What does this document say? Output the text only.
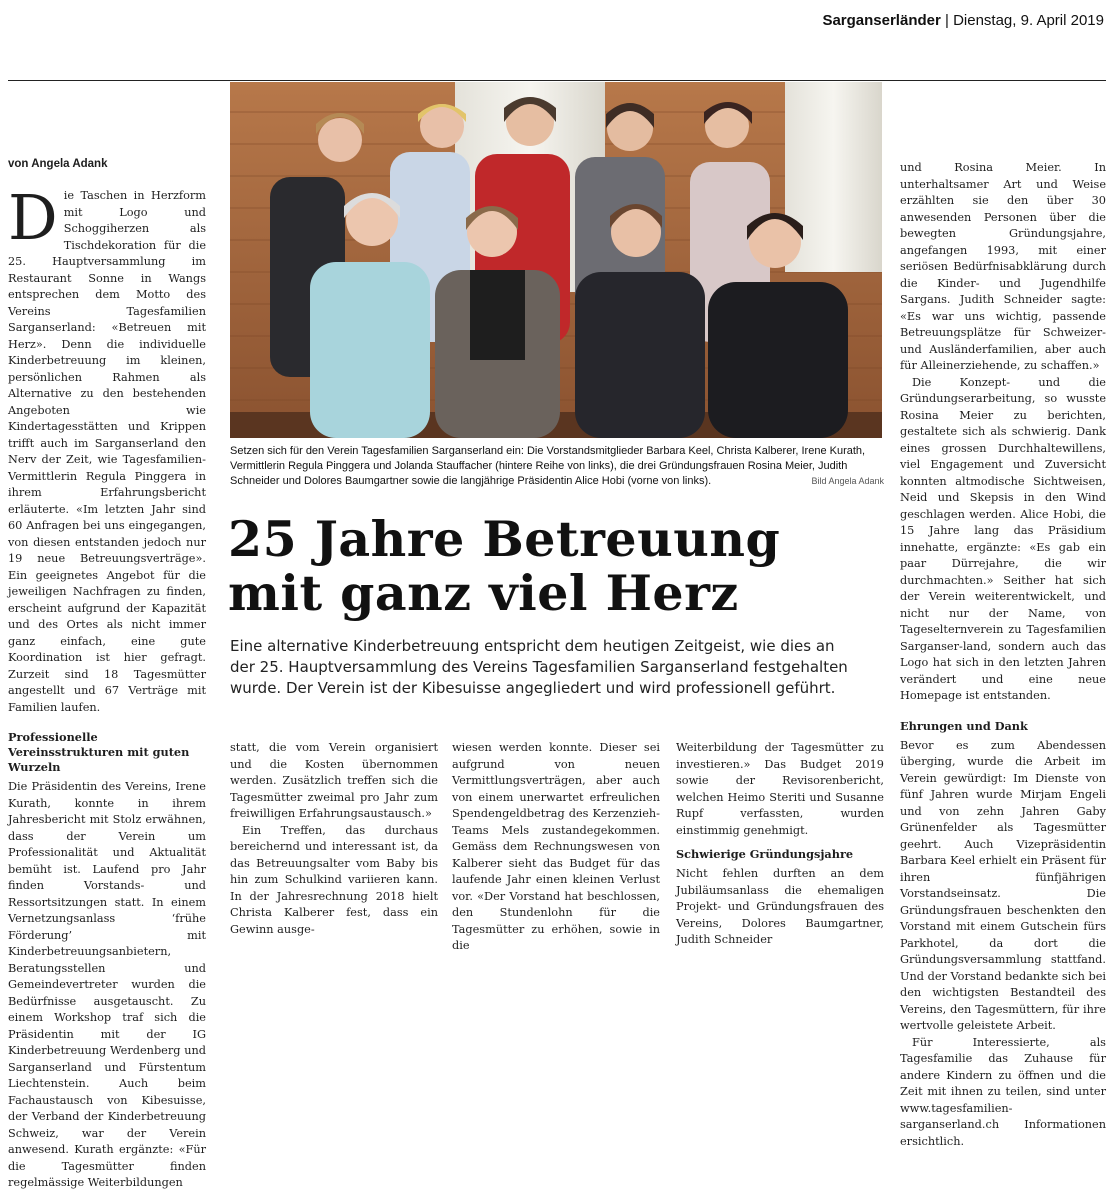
Sarganserländer | Dienstag, 9. April 2019
von Angela Adank

Die Taschen in Herzform mit Logo und Schoggiherzen als Tischdekoration für die 25. Hauptversammlung im Restaurant Sonne in Wangs entsprechen dem Motto des Vereins Tagesfamilien Sarganserland: «Betreuen mit Herz». Denn die individuelle Kinderbetreuung im kleinen, persönlichen Rahmen als Alternative zu den bestehenden Angeboten wie Kindertagesstätten und Krippen trifft auch im Sarganserland den Nerv der Zeit, wie Tagesfamilien-Vermittlerin Regula Pinggera in ihrem Erfahrungsbericht erläuterte. «Im letzten Jahr sind 60 Anfragen bei uns eingegangen, von diesen entstanden jedoch nur 19 neue Betreuungsverträge». Ein geeignetes Angebot für die jeweiligen Nachfragen zu finden, erscheint aufgrund der Kapazität und des Ortes als nicht immer ganz einfach, eine gute Koordination ist hier gefragt. Zurzeit sind 18 Tagesmütter angestellt und 67 Verträge mit Familien laufen.

Professionelle Vereinsstrukturen mit guten Wurzeln

Die Präsidentin des Vereins, Irene Kurath, konnte in ihrem Jahresbericht mit Stolz erwähnen, dass der Verein um Professionalität und Aktualität bemüht ist. Laufend pro Jahr finden Vorstands- und Ressortsitzungen statt. In einem Vernetzungsanlass ‘frühe Förderung’ mit Kinderbetreuungsanbietern, Beratungsstellen und Gemeindevertreter wurden die Bedürfnisse ausgetauscht. Zu einem Workshop traf sich die Präsidentin mit der IG Kinderbetreuung Werdenberg und Sarganserland und Fürstentum Liechtenstein. Auch beim Fachaustausch von Kibesuisse, der Verband der Kinderbetreuung Schweiz, war der Verein anwesend. Kurath ergänzte: «Für die Tagesmütter finden regelmässige Weiterbildungen

Setzen sich für den Verein Tagesfamilien Sarganserland ein: Die Vorstandsmitglieder Barbara Keel, Christa Kalberer, Irene Kurath, Vermittlerin Regula Pinggera und Jolanda Stauffacher (hintere Reihe von links), die drei Gründungsfrauen Rosina Meier, Judith Schneider und Dolores Baumgartner sowie die langjährige Präsidentin Alice Hobi (vorne von links).	Bild Angela Adank
25 Jahre Betreuung mit ganz viel Herz
Eine alternative Kinderbetreuung entspricht dem heutigen Zeitgeist, wie dies an der 25. Hauptversammlung des Vereins Tagesfamilien Sarganserland festgehalten wurde. Der Verein ist der Kibesuisse angegliedert und wird professionell geführt.

statt, die vom Verein organisiert und die Kosten übernommen werden. Zusätzlich treffen sich die Tagesmütter zweimal pro Jahr zum freiwilligen Erfahrungsaustausch.»

Ein Treffen, das durchaus bereichernd und interessant ist, da das Betreuungsalter vom Baby bis hin zum Schulkind variieren kann. In der Jahresrechnung 2018 hielt Christa Kalberer fest, dass ein Gewinn ausge-

wiesen werden konnte. Dieser sei aufgrund von neuen Vermittlungsverträgen, aber auch von einem unerwartet erfreulichen Spendengeldbetrag des Kerzenzieh-Teams Mels zustandegekommen. Gemäss dem Rechnungswesen von Kalberer sieht das Budget für das laufende Jahr einen kleinen Verlust vor. «Der Vorstand hat beschlossen, den Stundenlohn für die Tagesmütter zu erhöhen, sowie in die

Weiterbildung der Tagesmütter zu investieren.» Das Budget 2019 sowie der Revisorenbericht, welchen Heimo Steriti und Susanne Rupf verfassten, wurden einstimmig genehmigt.

Schwierige Gründungsjahre

Nicht fehlen durften an dem Jubiläumsanlass die ehemaligen Projekt- und Gründungsfrauen des Vereins, Dolores Baumgartner, Judith Schneider

und Rosina Meier. In unterhaltsamer Art und Weise erzählten sie den über 30 anwesenden Personen über die bewegten Gründungsjahre, angefangen 1993, mit einer seriösen Bedürfnisabklärung durch die Kinder- und Jugendhilfe Sargans. Judith Schneider sagte: «Es war uns wichtig, passende Betreuungsplätze für Schweizer- und Ausländerfamilien, aber auch für Alleinerziehende, zu schaffen.»

Die Konzept- und die Gründungserarbeitung, so wusste Rosina Meier zu berichten, gestaltete sich als schwierig. Dank eines grossen Durchhaltewillens, viel Engagement und Zuversicht konnten altmodische Sichtweisen, Neid und Skepsis in den Wind geschlagen werden. Alice Hobi, die 15 Jahre lang das Präsidium innehatte, ergänzte: «Es gab ein paar Dürrejahre, die wir durchmachten.» Seither hat sich der Verein weiterentwickelt, und nicht nur der Name, von Tageselternverein zu Tagesfamilien Sarganser-land, sondern auch das Logo hat sich in den letzten Jahren verändert und eine neue Homepage ist entstanden.

Ehrungen und Dank

Bevor es zum Abendessen überging, wurde die Arbeit im Verein gewürdigt: Im Dienste von fünf Jahren wurde Mirjam Engeli und von zehn Jahren Gaby Grünenfelder als Tagesmütter geehrt. Auch Vizepräsidentin Barbara Keel erhielt ein Präsent für ihren fünfjährigen Vorstandseinsatz. Die Gründungsfrauen beschenkten den Vorstand mit einem Gutschein fürs Parkhotel, da dort die Gründungsversammlung stattfand. Und der Vorstand bedankte sich bei den wichtigsten Bestandteil des Vereins, den Tagesmüttern, für ihre wertvolle geleistete Arbeit.

Für Interessierte, als Tagesfamilie das Zuhause für andere Kindern zu öffnen und die Zeit mit ihnen zu teilen, sind unter www.tagesfamilien-sarganserland.ch Informationen ersichtlich.
